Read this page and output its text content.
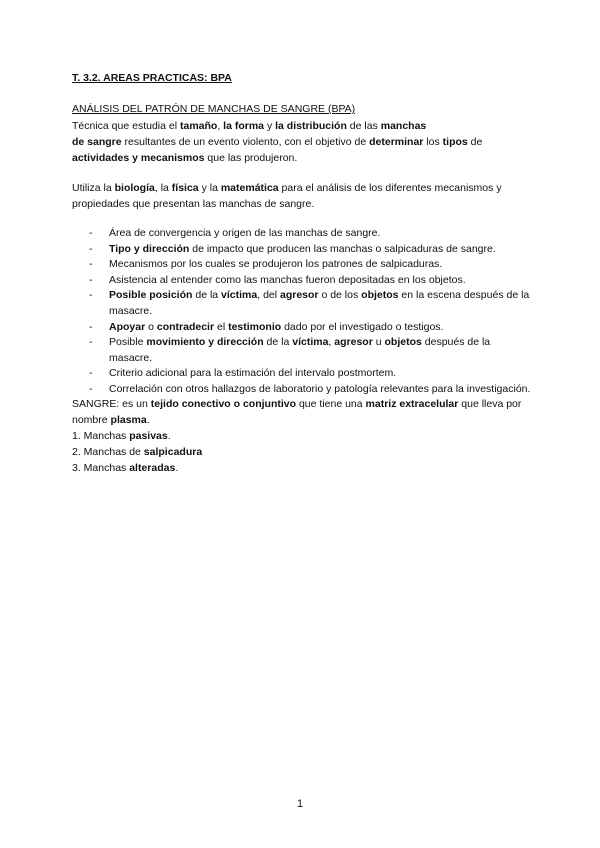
T. 3.2. AREAS PRACTICAS: BPA
ANÁLISIS DEL PATRÓN DE MANCHAS DE SANGRE (BPA)

Técnica que estudia el tamaño, la forma y la distribución de las manchas
de sangre resultantes de un evento violento, con el objetivo de determinar los tipos de actividades y mecanismos que las produjeron.

Utiliza la biología, la física y la matemática para el análisis de los diferentes mecanismos y propiedades que presentan las manchas de sangre.

- Área de convergencia y origen de las manchas de sangre.
- Tipo y dirección de impacto que producen las manchas o salpicaduras de sangre.
- Mecanismos por los cuales se produjeron los patrones de salpicaduras.
- Asistencia al entender como las manchas fueron depositadas en los objetos.
- Posible posición de la víctima, del agresor o de los objetos en la escena después de la masacre.
- Apoyar o contradecir el testimonio dado por el investigado o testigos.
- Posible movimiento y dirección de la víctima, agresor u objetos después de la masacre.
- Criterio adicional para la estimación del intervalo postmortem.
- Correlación con otros hallazgos de laboratorio y patología relevantes para la investigación.

SANGRE: es un tejido conectivo o conjuntivo que tiene una matriz extracelular que lleva por nombre plasma.

1. Manchas pasivas.
2. Manchas de salpicadura
3. Manchas alteradas.
1
